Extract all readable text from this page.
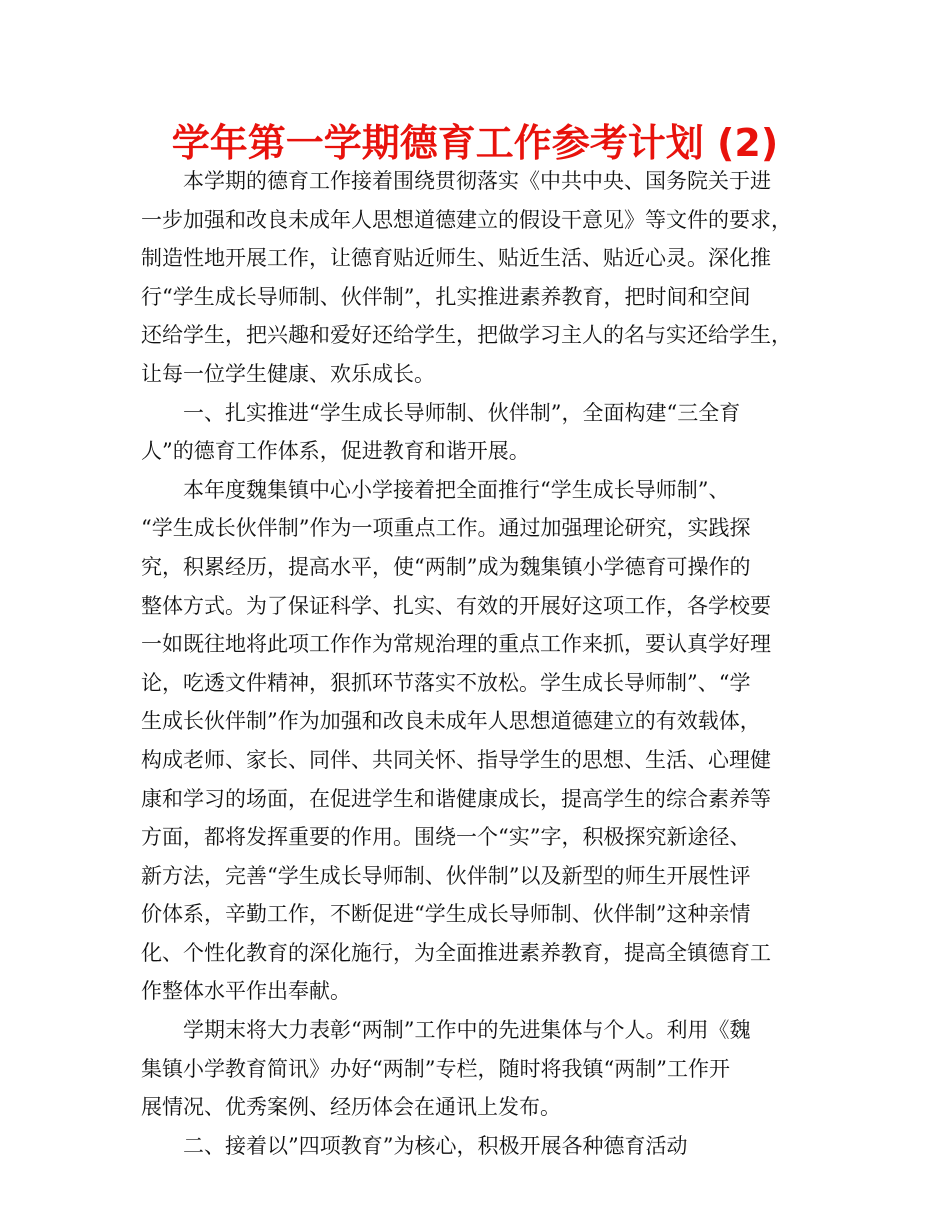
学年第一学期德育工作参考计划 (2)

本学期的德育工作接着围绕贯彻落实《中共中央、国务院关于进
一步加强和改良未成年人思想道德建立的假设干意见》等文件的要求，
制造性地开展工作，让德育贴近师生、贴近生活、贴近心灵。深化推
行“学生成长导师制、伙伴制”，扎实推进素养教育，把时间和空间
还给学生，把兴趣和爱好还给学生，把做学习主人的名与实还给学生，
让每一位学生健康、欢乐成长。

一、扎实推进“学生成长导师制、伙伴制”，全面构建“三全育
人”的德育工作体系，促进教育和谐开展。

本年度魏集镇中心小学接着把全面推行“学生成长导师制”、
“学生成长伙伴制”作为一项重点工作。通过加强理论研究，实践探
究，积累经历，提高水平，使“两制”成为魏集镇小学德育可操作的
整体方式。为了保证科学、扎实、有效的开展好这项工作，各学校要
一如既往地将此项工作作为常规治理的重点工作来抓，要认真学好理
论，吃透文件精神，狠抓环节落实不放松。学生成长导师制”、“学
生成长伙伴制”作为加强和改良未成年人思想道德建立的有效载体，
构成老师、家长、同伴、共同关怀、指导学生的思想、生活、心理健
康和学习的场面，在促进学生和谐健康成长，提高学生的综合素养等
方面，都将发挥重要的作用。围绕一个“实”字，积极探究新途径、
新方法，完善“学生成长导师制、伙伴制”以及新型的师生开展性评
价体系，辛勤工作，不断促进“学生成长导师制、伙伴制”这种亲情
化、个性化教育的深化施行，为全面推进素养教育，提高全镇德育工
作整体水平作出奉献。

学期末将大力表彰“两制”工作中的先进集体与个人。利用《魏
集镇小学教育简讯》办好“两制”专栏，随时将我镇“两制”工作开
展情况、优秀案例、经历体会在通讯上发布。

二、接着以”四项教育”为核心，积极开展各种德育活动
